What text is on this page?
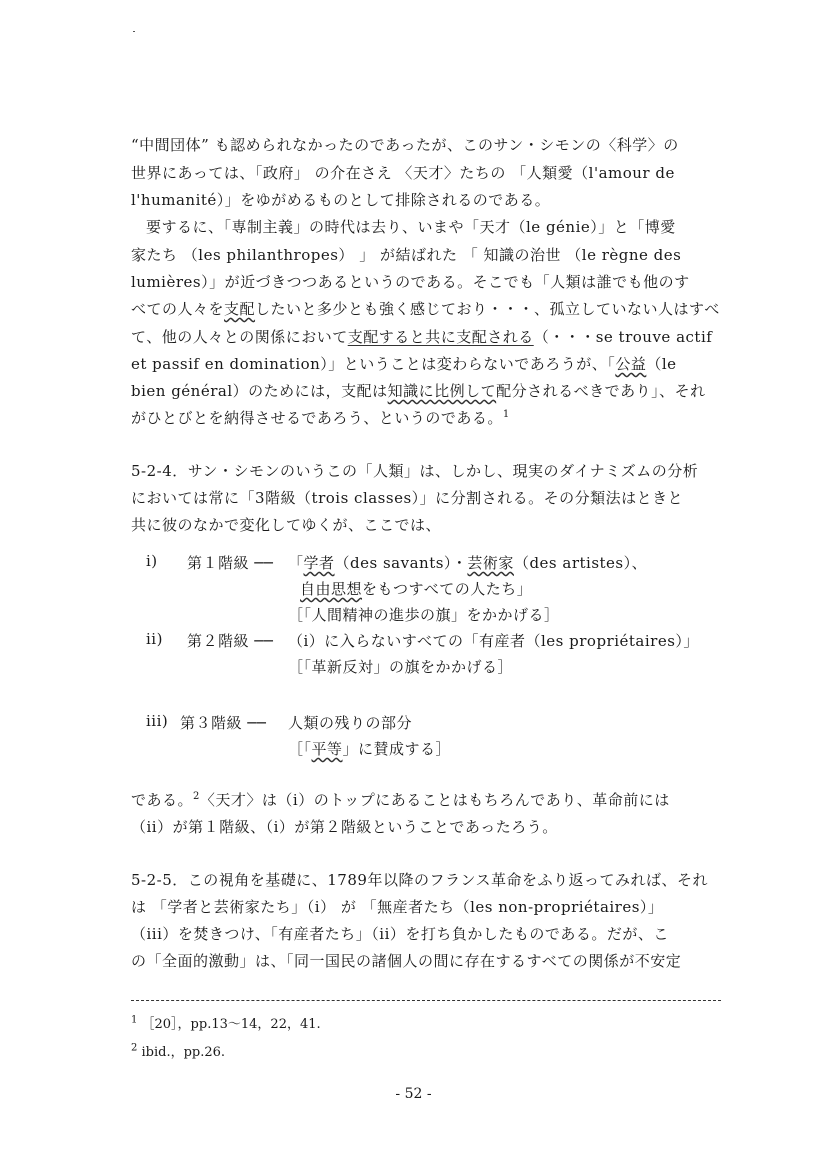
“中間団体” も認められなかったのであったが、このサン・シモンの〈科学〉の
世界にあっては、「政府」 の介在さえ 〈天才〉たちの 「人類愛（l'amour de
l'humanité）」をゆがめるものとして排除されるのである。
要するに、「専制主義」の時代は去り、いまや「天才（le génie）」と「博愛
家たち （les philanthropes） 」 が結ばれた 「 知識の治世 （le règne des
lumières）」が近づきつつあるというのである。そこでも「人類は誰でも他のす
べての人々を支配したいと多少とも強く感じており・・・、孤立していない人はすべ
て、他の人々との関係において支配すると共に支配される（・・・se trouve actif
et passif en domination）」ということは変わらないであろうが、「公益（le
bien général）のためには，支配は知識に比例して配分されるべきであり」、それ
がひとびとを納得させるであろう、というのである。$^1$
5-2-4．サン・シモンのいうこの「人類」は、しかし、現実のダイナミズムの分析
においては常に「3階級（trois classes）」に分割される。その分類法はときと
共に彼のなかで変化してゆくが、ここでは、
i) 第１階級 ── 「学者（des savants）・芸術家（des artistes）、
自由思想をもつすべての人たち」
［「人間精神の進歩の旗」をかかげる］
ii) 第２階級 ── （i）に入らないすべての「有産者（les propriétaires）」
［「革新反対」の旗をかかげる］
iii) 第３階級 ── 人類の残りの部分
［「平等」に賛成する］
である。$^2$〈天才〉は（i）のトップにあることはもちろんであり、革命前には
（ii）が第１階級、（i）が第２階級ということであったろう。
5-2-5．この視角を基礎に、1789年以降のフランス革命をふり返ってみれば、それ
は 「学者と芸術家たち」（i） が 「無産者たち（les non-propriétaires）」
（iii）を焚きつけ、「有産者たち」（ii）を打ち負かしたものである。だが、こ
の「全面的激動」は、「同一国民の諸個人の間に存在するすべての関係が不安定
$^1$ ［20］，pp.13～14，22，41.
$^2$ ibid.，pp.26.
- 52 -
